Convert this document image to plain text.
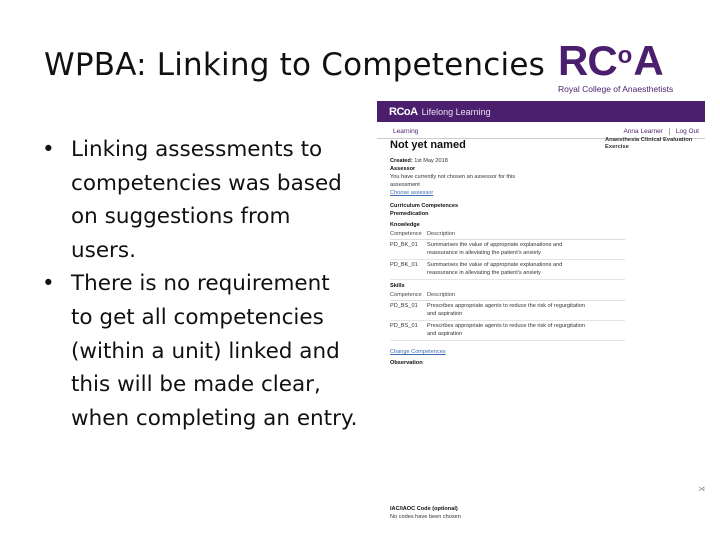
WPBA: Linking to Competencies RC o A
Royal College of Anaesthetists
• Linking assessments to competencies was based on suggestions from users.
• There is no requirement to get all competencies (within a unit) linked and this will be made clear, when completing an entry.
RCoA Lifelong Learning
Learning	Anna Learner	Log Out
Not yet named	Anaesthesia Clinical Evaluation Exercise
Created: 1st May 2018
Assessor
You have currently not chosen an assessor for this
assessment
Choose assessor
Curriculum Competences
Premedication
Knowledge
Competence	Description
PD_BK_01	Summarises the value of appropriate explanations and
reassurance in alleviating the patient's anxiety

PD_BK_01	Summarises the value of appropriate explanations and
reassurance in alleviating the patient's anxiety
Skills
Competence	Description
PD_BS_01	Prescribes appropriate agents to reduce the risk of regurgitation
and aspiration

PD_BS_01	Prescribes appropriate agents to reduce the risk of regurgitation
and aspiration
Change Competences
Observation
⋊
IAC/IAOC Code (optional)
No codes have been chosen
